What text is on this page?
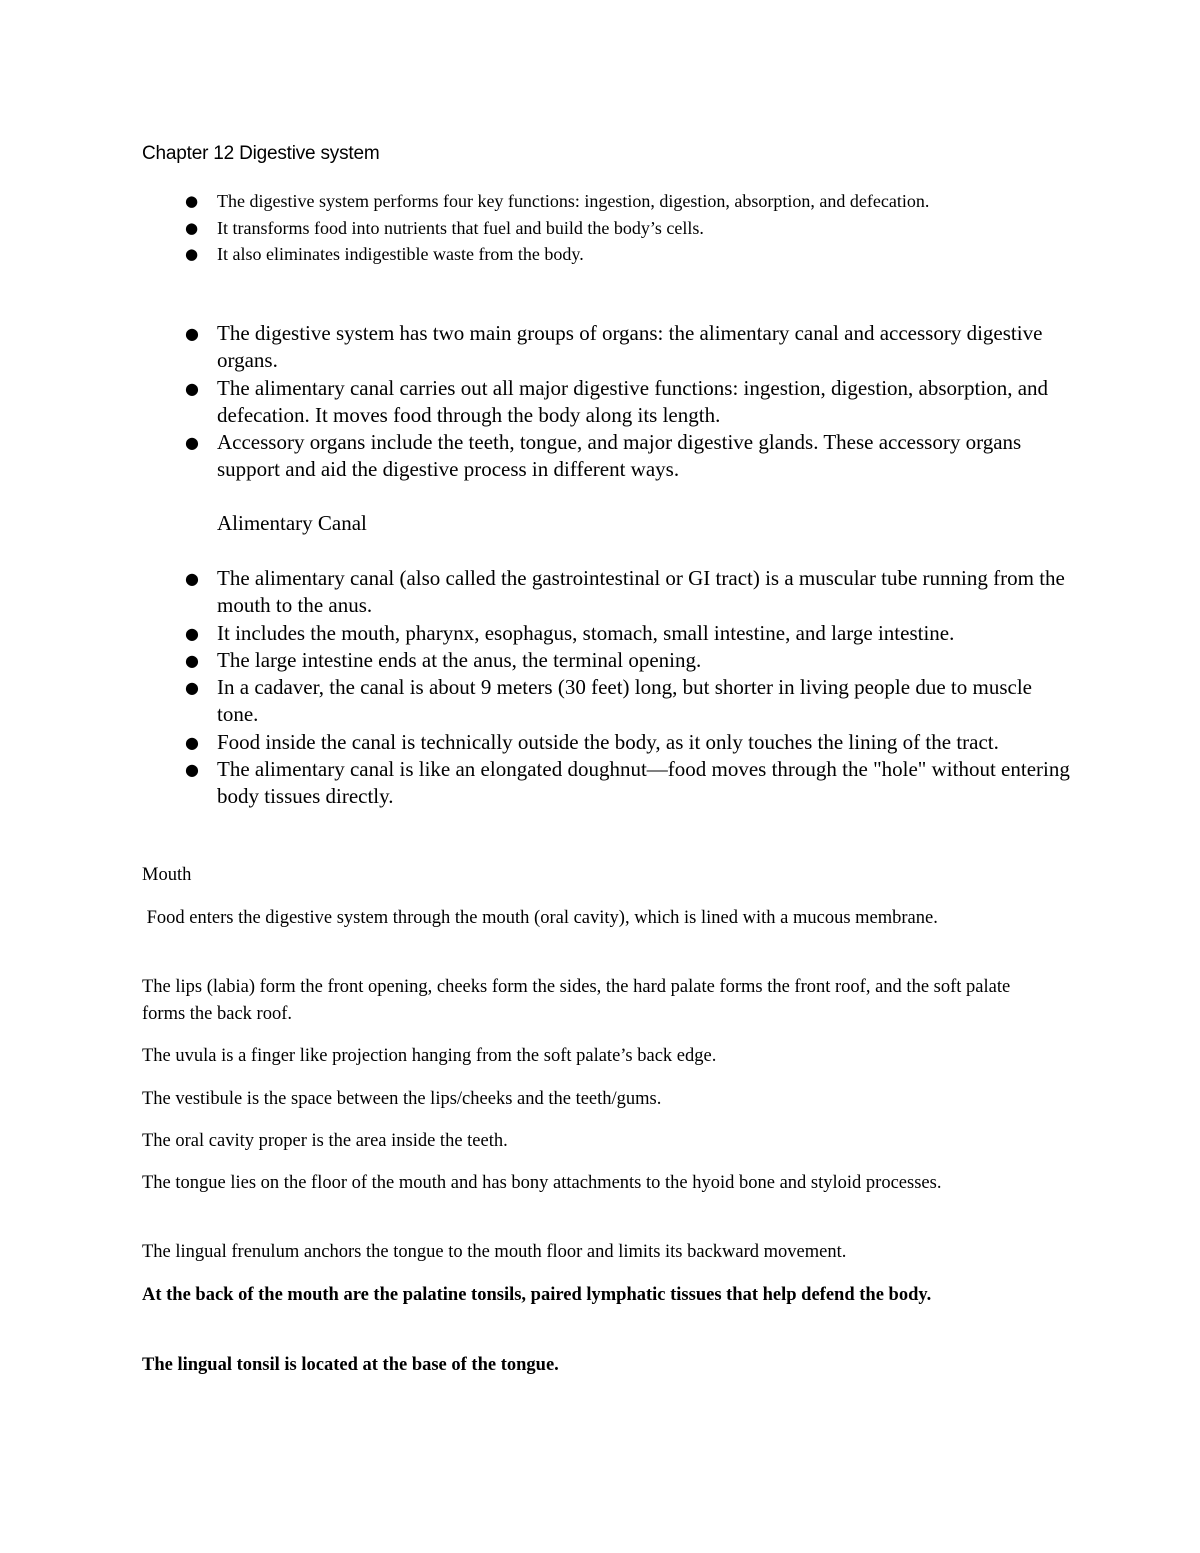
Chapter 12 Digestive system
● The digestive system performs four key functions: ingestion, digestion, absorption, and defecation.
● It transforms food into nutrients that fuel and build the body’s cells.
● It also eliminates indigestible waste from the body.
● The digestive system has two main groups of organs: the alimentary canal and accessory digestive organs.
● The alimentary canal carries out all major digestive functions: ingestion, digestion, absorption, and defecation. It moves food through the body along its length.
● Accessory organs include the teeth, tongue, and major digestive glands. These accessory organs support and aid the digestive process in different ways.
Alimentary Canal
● The alimentary canal (also called the gastrointestinal or GI tract) is a muscular tube running from the mouth to the anus.
● It includes the mouth, pharynx, esophagus, stomach, small intestine, and large intestine.
● The large intestine ends at the anus, the terminal opening.
● In a cadaver, the canal is about 9 meters (30 feet) long, but shorter in living people due to muscle tone.
● Food inside the canal is technically outside the body, as it only touches the lining of the tract.
● The alimentary canal is like an elongated doughnut—food moves through the "hole" without entering body tissues directly.

Mouth

Food enters the digestive system through the mouth (oral cavity), which is lined with a mucous membrane.

The lips (labia) form the front opening, cheeks form the sides, the hard palate forms the front roof, and the soft palate forms the back roof.

The uvula is a finger like projection hanging from the soft palate’s back edge.

The vestibule is the space between the lips/cheeks and the teeth/gums.

The oral cavity proper is the area inside the teeth.

The tongue lies on the floor of the mouth and has bony attachments to the hyoid bone and styloid processes.

The lingual frenulum anchors the tongue to the mouth floor and limits its backward movement.

At the back of the mouth are the palatine tonsils, paired lymphatic tissues that help defend the body.

The lingual tonsil is located at the base of the tongue.
